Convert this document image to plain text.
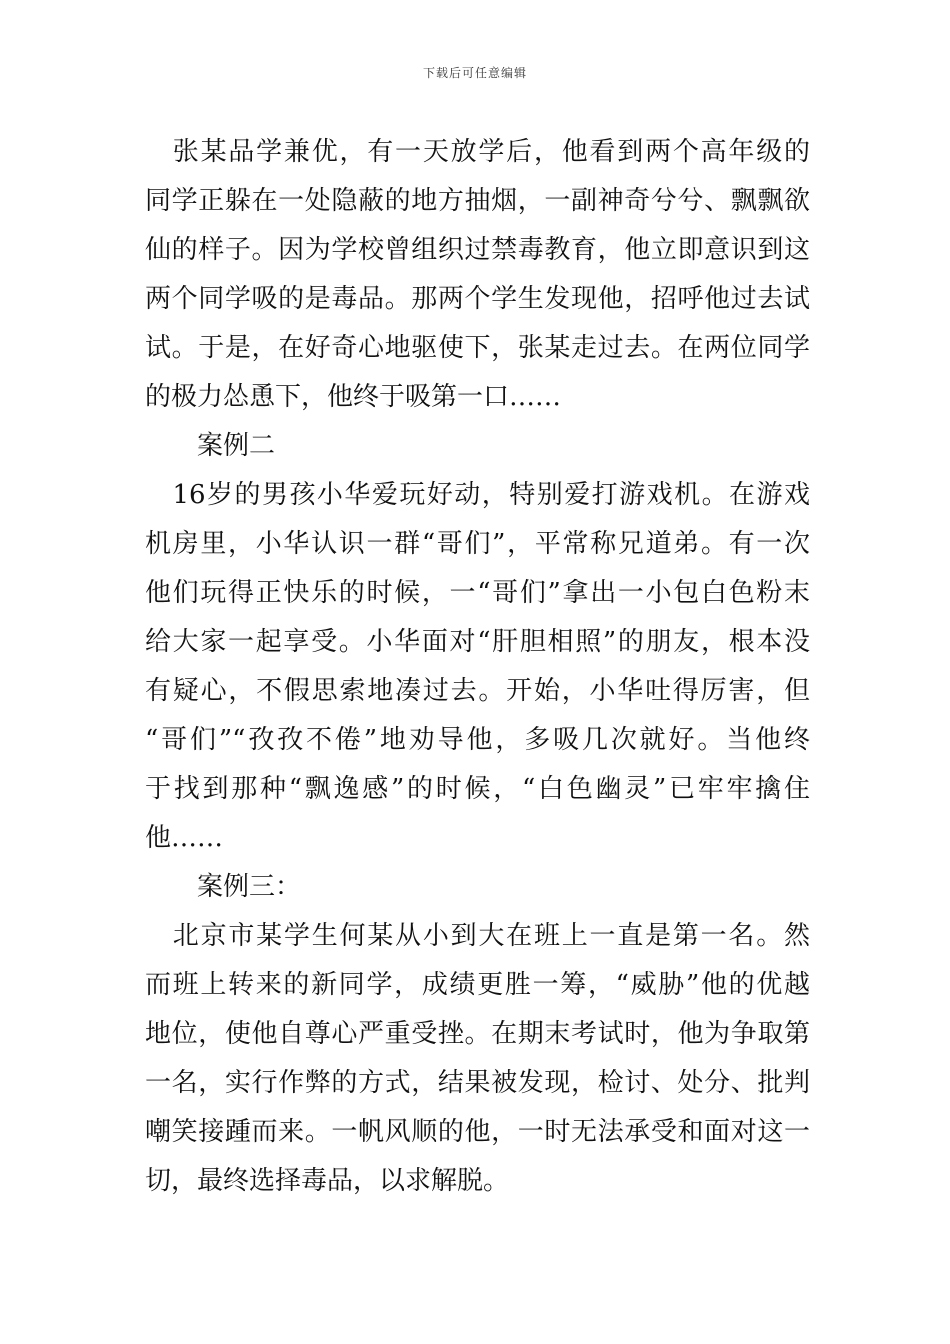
下载后可任意编辑
　张某品学兼优，有一天放学后，他看到两个高年级的
同学正躲在一处隐蔽的地方抽烟，一副神奇兮兮、飘飘欲
仙的样子。因为学校曾组织过禁毒教育，他立即意识到这
两个同学吸的是毒品。那两个学生发现他，招呼他过去试
试。于是，在好奇心地驱使下，张某走过去。在两位同学
的极力怂恿下，他终于吸第一口……
案例二
　16岁的男孩小华爱玩好动，特别爱打游戏机。在游戏
机房里，小华认识一群“哥们”，平常称兄道弟。有一次
他们玩得正快乐的时候，一“哥们”拿出一小包白色粉末
给大家一起享受。小华面对“肝胆相照”的朋友，根本没
有疑心，不假思索地凑过去。开始，小华吐得厉害，但
“哥们”“孜孜不倦”地劝导他，多吸几次就好。当他终
于找到那种“飘逸感”的时候，“白色幽灵”已牢牢擒住
他……
案例三：
　北京市某学生何某从小到大在班上一直是第一名。然
而班上转来的新同学，成绩更胜一筹，“威胁”他的优越
地位，使他自尊心严重受挫。在期末考试时，他为争取第
一名，实行作弊的方式，结果被发现，检讨、处分、批判
嘲笑接踵而来。一帆风顺的他，一时无法承受和面对这一
切，最终选择毒品，以求解脱。
